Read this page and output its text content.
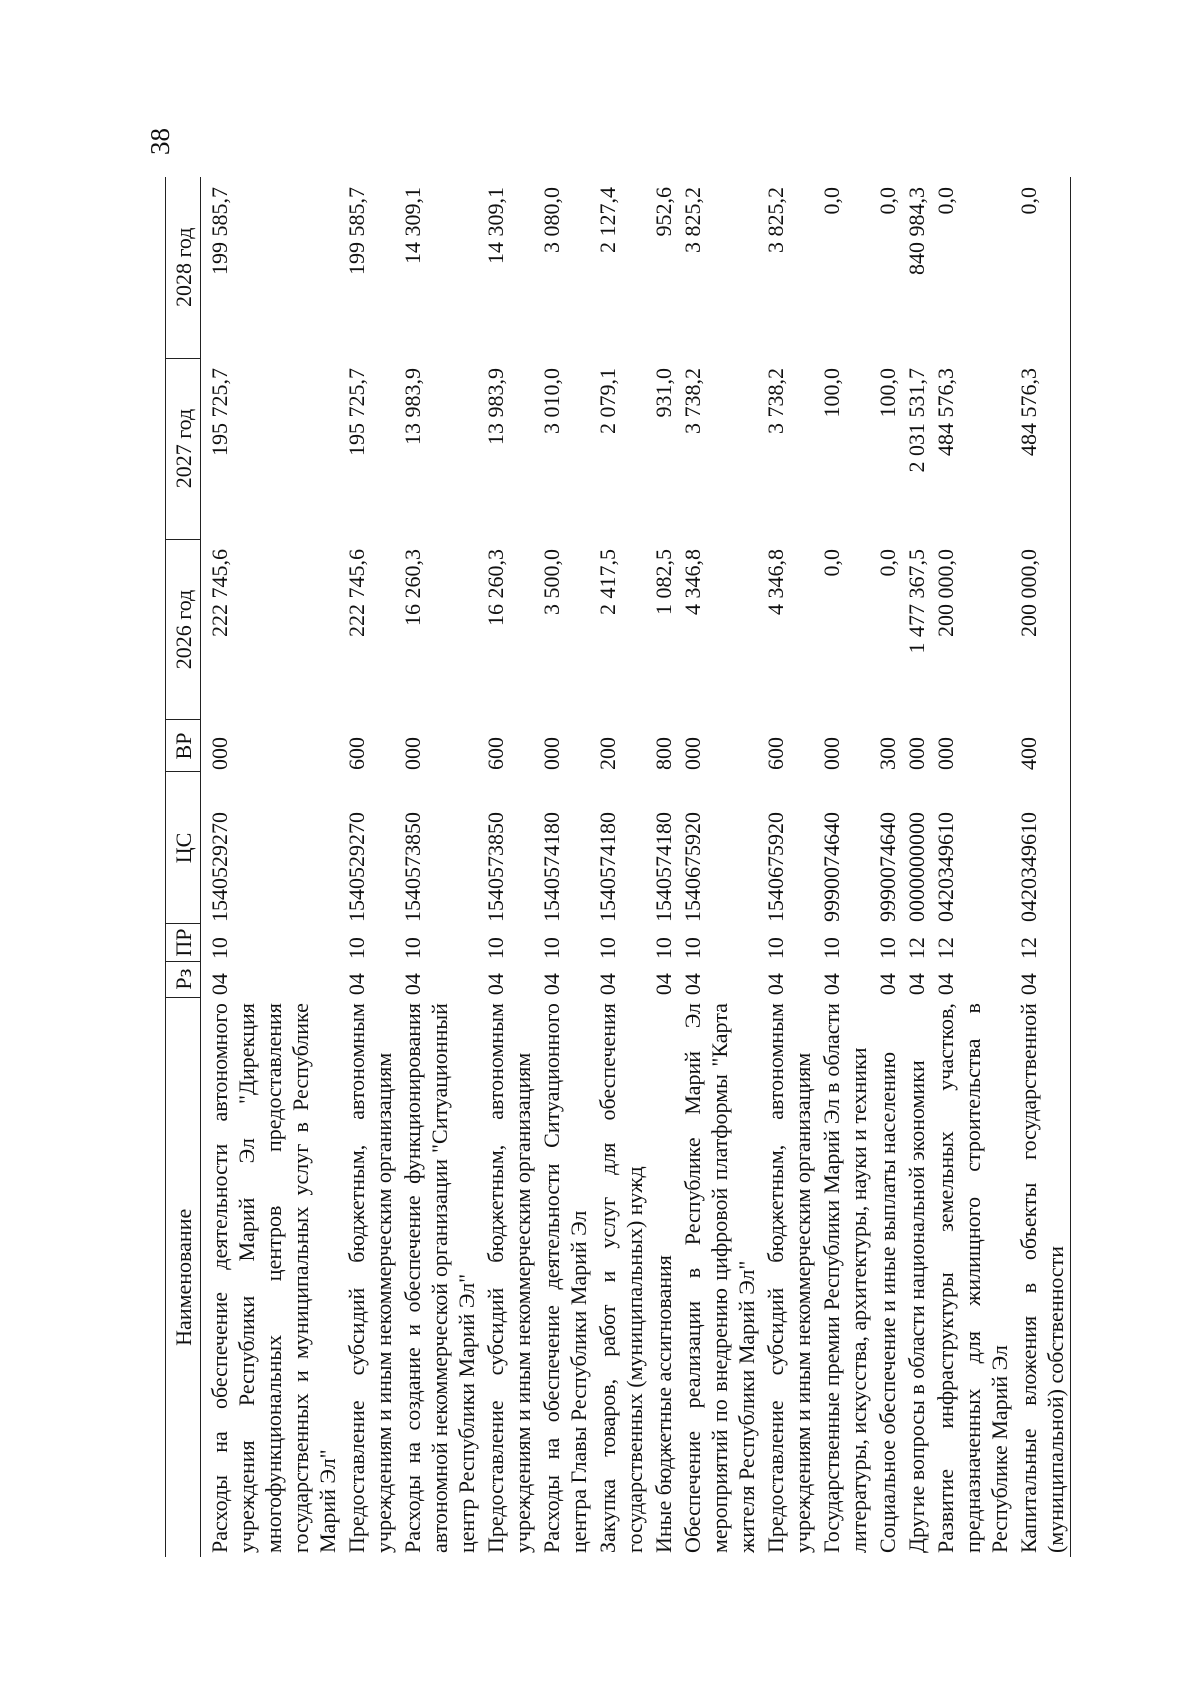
38
Наименование	Рз	ПР	ЦС	ВР	2026 год	2027 год	2028 год
Расходы на обеспечение деятельности автономного учреждения Республики Марий Эл "Дирекция многофункциональных центров предоставления государственных и муниципальных услуг в Республике Марий Эл"	04	10	1540529270	000	222 745,6	195 725,7	199 585,7
Предоставление субсидий бюджетным, автономным учреждениям и иным некоммерческим организациям	04	10	1540529270	600	222 745,6	195 725,7	199 585,7
Расходы на создание и обеспечение функционирования автономной некоммерческой организации "Ситуационный центр Республики Марий Эл"	04	10	1540573850	000	16 260,3	13 983,9	14 309,1
Предоставление субсидий бюджетным, автономным учреждениям и иным некоммерческим организациям	04	10	1540573850	600	16 260,3	13 983,9	14 309,1
Расходы на обеспечение деятельности Ситуационного центра Главы Республики Марий Эл	04	10	1540574180	000	3 500,0	3 010,0	3 080,0
Закупка товаров, работ и услуг для обеспечения государственных (муниципальных) нужд	04	10	1540574180	200	2 417,5	2 079,1	2 127,4
Иные бюджетные ассигнования	04	10	1540574180	800	1 082,5	931,0	952,6
Обеспечение реализации в Республике Марий Эл мероприятий по внедрению цифровой платформы "Карта жителя Республики Марий Эл"	04	10	1540675920	000	4 346,8	3 738,2	3 825,2
Предоставление субсидий бюджетным, автономным учреждениям и иным некоммерческим организациям	04	10	1540675920	600	4 346,8	3 738,2	3 825,2
Государственные премии Республики Марий Эл в области литературы, искусства, архитектуры, науки и техники	04	10	9990074640	000	0,0	100,0	0,0
Социальное обеспечение и иные выплаты населению	04	10	9990074640	300	0,0	100,0	0,0
Другие вопросы в области национальной экономики	04	12	0000000000	000	1 477 367,5	2 031 531,7	840 984,3
Развитие инфраструктуры земельных участков, предназначенных для жилищного строительства в Республике Марий Эл	04	12	0420349610	000	200 000,0	484 576,3	0,0
Капитальные вложения в объекты государственной (муниципальной) собственности	04	12	0420349610	400	200 000,0	484 576,3	0,0
